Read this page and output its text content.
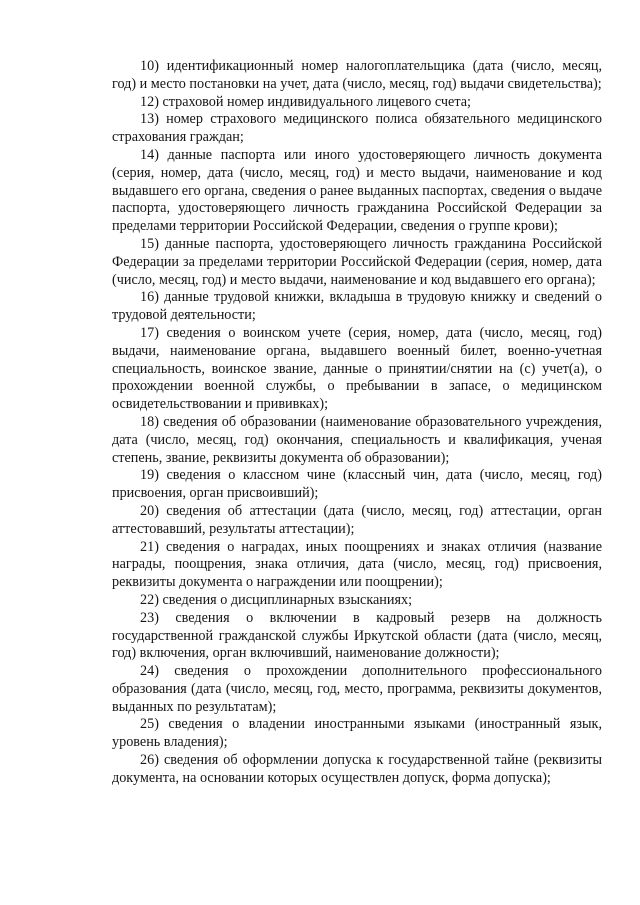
10) идентификационный номер налогоплательщика (дата (число, месяц, год) и место постановки на учет, дата (число, месяц, год) выдачи свидетельства);

12) страховой номер индивидуального лицевого счета;

13) номер страхового медицинского полиса обязательного медицинского страхования граждан;

14) данные паспорта или иного удостоверяющего личность документа (серия, номер, дата (число, месяц, год) и место выдачи, наименование и код выдавшего его органа, сведения о ранее выданных паспортах, сведения о выдаче паспорта, удостоверяющего личность гражданина Российской Федерации за пределами территории Российской Федерации, сведения о группе крови);

15) данные паспорта, удостоверяющего личность гражданина Российской Федерации за пределами территории Российской Федерации (серия, номер, дата (число, месяц, год) и место выдачи, наименование и код выдавшего его органа);

16) данные трудовой книжки, вкладыша в трудовую книжку и сведений о трудовой деятельности;

17) сведения о воинском учете (серия, номер, дата (число, месяц, год) выдачи, наименование органа, выдавшего военный билет, военно-учетная специальность, воинское звание, данные о принятии/снятии на (с) учет(а), о прохождении военной службы, о пребывании в запасе, о медицинском освидетельствовании и прививках);

18) сведения об образовании (наименование образовательного учреждения, дата (число, месяц, год) окончания, специальность и квалификация, ученая степень, звание, реквизиты документа об образовании);

19) сведения о классном чине (классный чин, дата (число, месяц, год) присвоения, орган присвоивший);

20) сведения об аттестации (дата (число, месяц, год) аттестации, орган аттестовавший, результаты аттестации);

21) сведения о наградах, иных поощрениях и знаках отличия (название награды, поощрения, знака отличия, дата (число, месяц, год) присвоения, реквизиты документа о награждении или поощрении);

22) сведения о дисциплинарных взысканиях;

23) сведения о включении в кадровый резерв на должность государственной гражданской службы Иркутской области (дата (число, месяц, год) включения, орган включивший, наименование должности);

24) сведения о прохождении дополнительного профессионального образования (дата (число, месяц, год, место, программа, реквизиты документов, выданных по результатам);

25) сведения о владении иностранными языками (иностранный язык, уровень владения);

26) сведения об оформлении допуска к государственной тайне (реквизиты документа, на основании которых осуществлен допуск, форма допуска);
